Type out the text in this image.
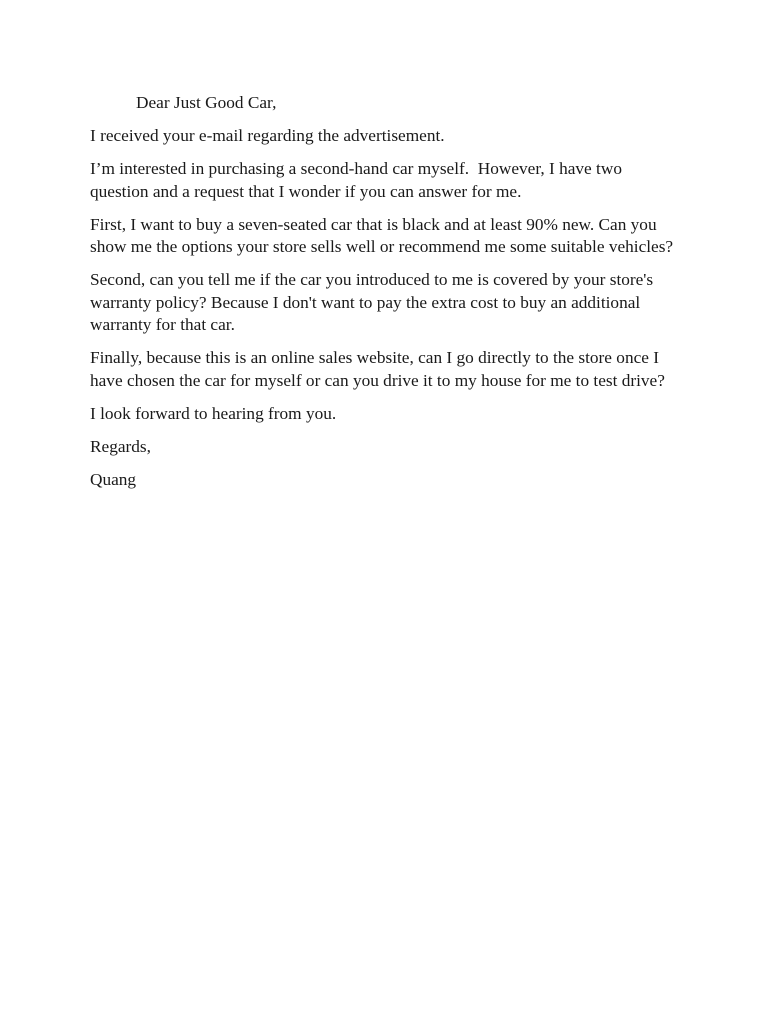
Dear Just Good Car,

I received your e-mail regarding the advertisement.

I’m interested in purchasing a second-hand car myself.  However, I have two question and a request that I wonder if you can answer for me.

First, I want to buy a seven-seated car that is black and at least 90% new. Can you show me the options your store sells well or recommend me some suitable vehicles?

Second, can you tell me if the car you introduced to me is covered by your store's warranty policy? Because I don't want to pay the extra cost to buy an additional warranty for that car.

Finally, because this is an online sales website, can I go directly to the store once I have chosen the car for myself or can you drive it to my house for me to test drive?

I look forward to hearing from you.

Regards,

Quang
